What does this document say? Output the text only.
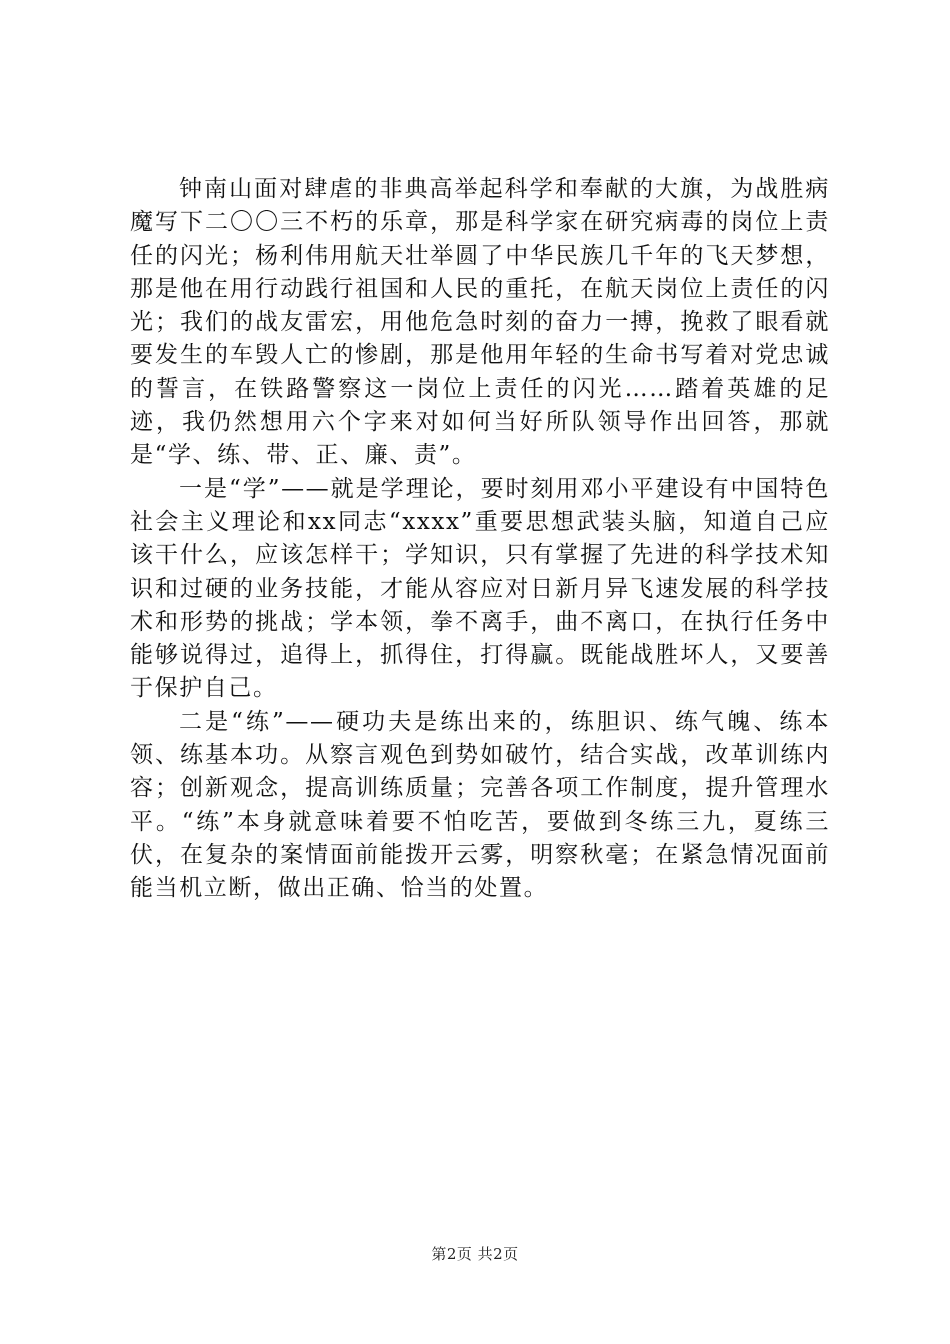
钟南山面对肆虐的非典高举起科学和奉献的大旗，为战胜病魔写下二〇〇三不朽的乐章，那是科学家在研究病毒的岗位上责任的闪光；杨利伟用航天壮举圆了中华民族几千年的飞天梦想，那是他在用行动践行祖国和人民的重托，在航天岗位上责任的闪光；我们的战友雷宏，用他危急时刻的奋力一搏，挽救了眼看就要发生的车毁人亡的惨剧，那是他用年轻的生命书写着对党忠诚的誓言，在铁路警察这一岗位上责任的闪光……踏着英雄的足迹，我仍然想用六个字来对如何当好所队领导作出回答，那就是“学、练、带、正、廉、责”。

一是“学”——就是学理论，要时刻用邓小平建设有中国特色社会主义理论和xx同志“xxxx”重要思想武装头脑，知道自己应该干什么，应该怎样干；学知识，只有掌握了先进的科学技术知识和过硬的业务技能，才能从容应对日新月异飞速发展的科学技术和形势的挑战；学本领，拳不离手，曲不离口，在执行任务中能够说得过，追得上，抓得住，打得赢。既能战胜坏人，又要善于保护自己。

二是“练”——硬功夫是练出来的，练胆识、练气魄、练本领、练基本功。从察言观色到势如破竹，结合实战，改革训练内容；创新观念，提高训练质量；完善各项工作制度，提升管理水平。“练”本身就意味着要不怕吃苦，要做到冬练三九，夏练三伏，在复杂的案情面前能拨开云雾，明察秋毫；在紧急情况面前能当机立断，做出正确、恰当的处置。

第2页 共2页
